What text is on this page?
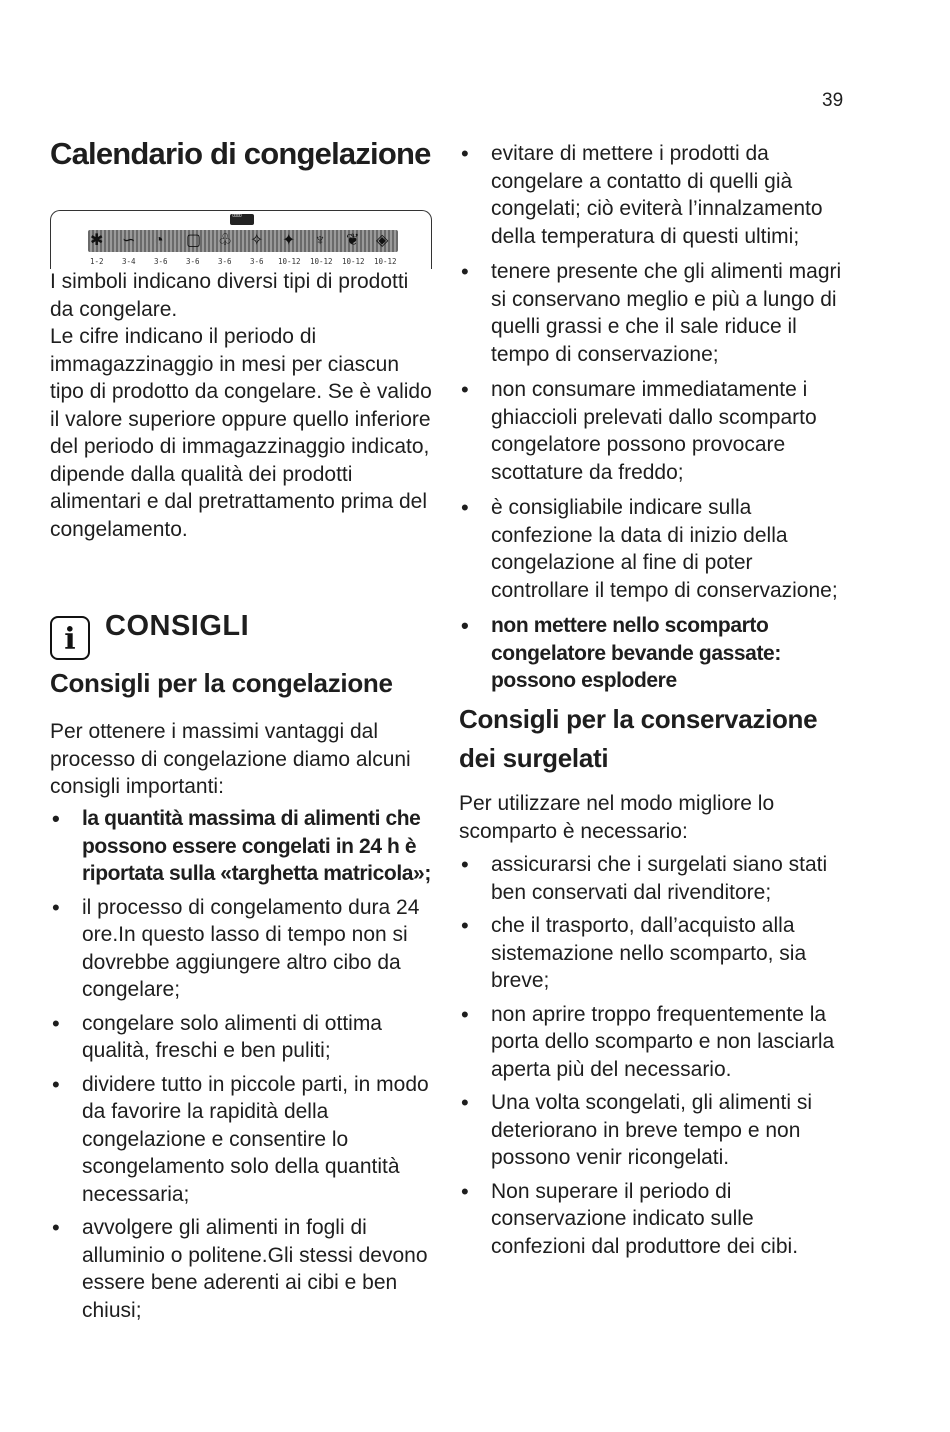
39
Calendario di congelazione
▫▫▫▫
✱ ∽ ◔ ▢ ♧ ✧ ✦ ♆ ❦ ◈
1-2 3-4 3-6 3-6 3-6 3-6 10-12 10-12 10-12 10-12

I simboli indicano diversi tipi di prodotti da congelare.

Le cifre indicano il periodo di immagazzinaggio in mesi per ciascun tipo di prodotto da congelare. Se è valido il valore superiore oppure quello inferiore del periodo di immagazzinaggio indicato, dipende dalla qualità dei prodotti alimentari e dal pretrattamento prima del congelamento.

i	CONSIGLI
Consigli per la congelazione

Per ottenere i massimi vantaggi dal processo di congelazione diamo alcuni consigli importanti:

• la quantità massima di alimenti che possono essere congelati in 24 h è riportata sulla «targhetta matricola»;
• il processo di congelamento dura 24 ore.In questo lasso di tempo non si dovrebbe aggiungere altro cibo da congelare;
• congelare solo alimenti di ottima qualità, freschi e ben puliti;
• dividere tutto in piccole parti, in modo da favorire la rapidità della congelazione e consentire lo scongelamento solo della quantità necessaria;
• avvolgere gli alimenti in fogli di alluminio o politene.Gli stessi devono essere bene aderenti ai cibi e ben chiusi;
• evitare di mettere i prodotti da congelare a contatto di quelli già congelati; ciò eviterà l’innalzamento della temperatura di questi ultimi;
• tenere presente che gli alimenti magri si conservano meglio e più a lungo di quelli grassi e che il sale riduce il tempo di conservazione;
• non consumare immediatamente i ghiaccioli prelevati dallo scomparto congelatore possono provocare scottature da freddo;
• è consigliabile indicare sulla confezione la data di inizio della congelazione al fine di poter controllare il tempo di conservazione;
• non mettere nello scomparto congelatore bevande gassate: possono esplodere
Consigli per la conservazione dei surgelati

Per utilizzare nel modo migliore lo scomparto è necessario:

• assicurarsi che i surgelati siano stati ben conservati dal rivenditore;
• che il trasporto, dall’acquisto alla sistemazione nello scomparto, sia breve;
• non aprire troppo frequentemente la porta dello scomparto e non lasciarla aperta più del necessario.
• Una volta scongelati, gli alimenti si deteriorano in breve tempo e non possono venir ricongelati.
• Non superare il periodo di conservazione indicato sulle confezioni dal produttore dei cibi.
